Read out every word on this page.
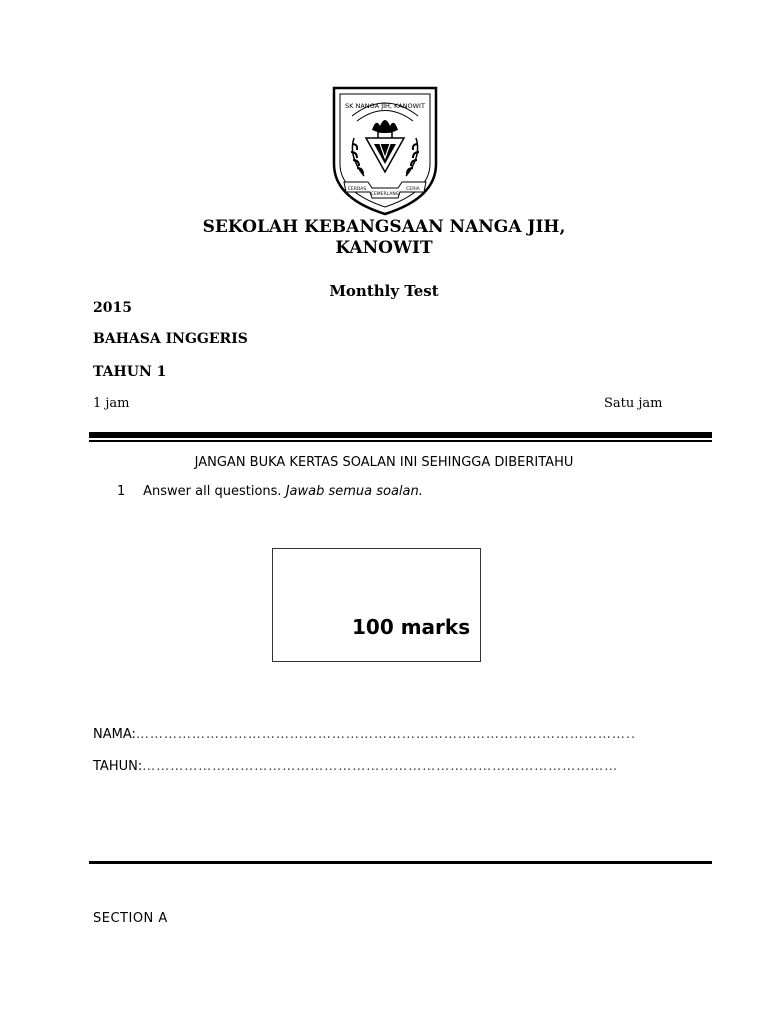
SK NANGA JIH, KANOWIT
CERDAS
CEMERLANG
CERIA
SEKOLAH KEBANGSAAN NANGA JIH,
KANOWIT
Monthly Test
2015
BAHASA INGGERIS
TAHUN 1
1 jam	Satu jam
JANGAN BUKA KERTAS SOALAN INI SEHINGGA DIBERITAHU
1 Answer all questions. Jawab semua soalan.
100 marks
NAMA:……………………………………………………………………………………………..
TAHUN:…………………………………………………………………………………………
SECTION A
